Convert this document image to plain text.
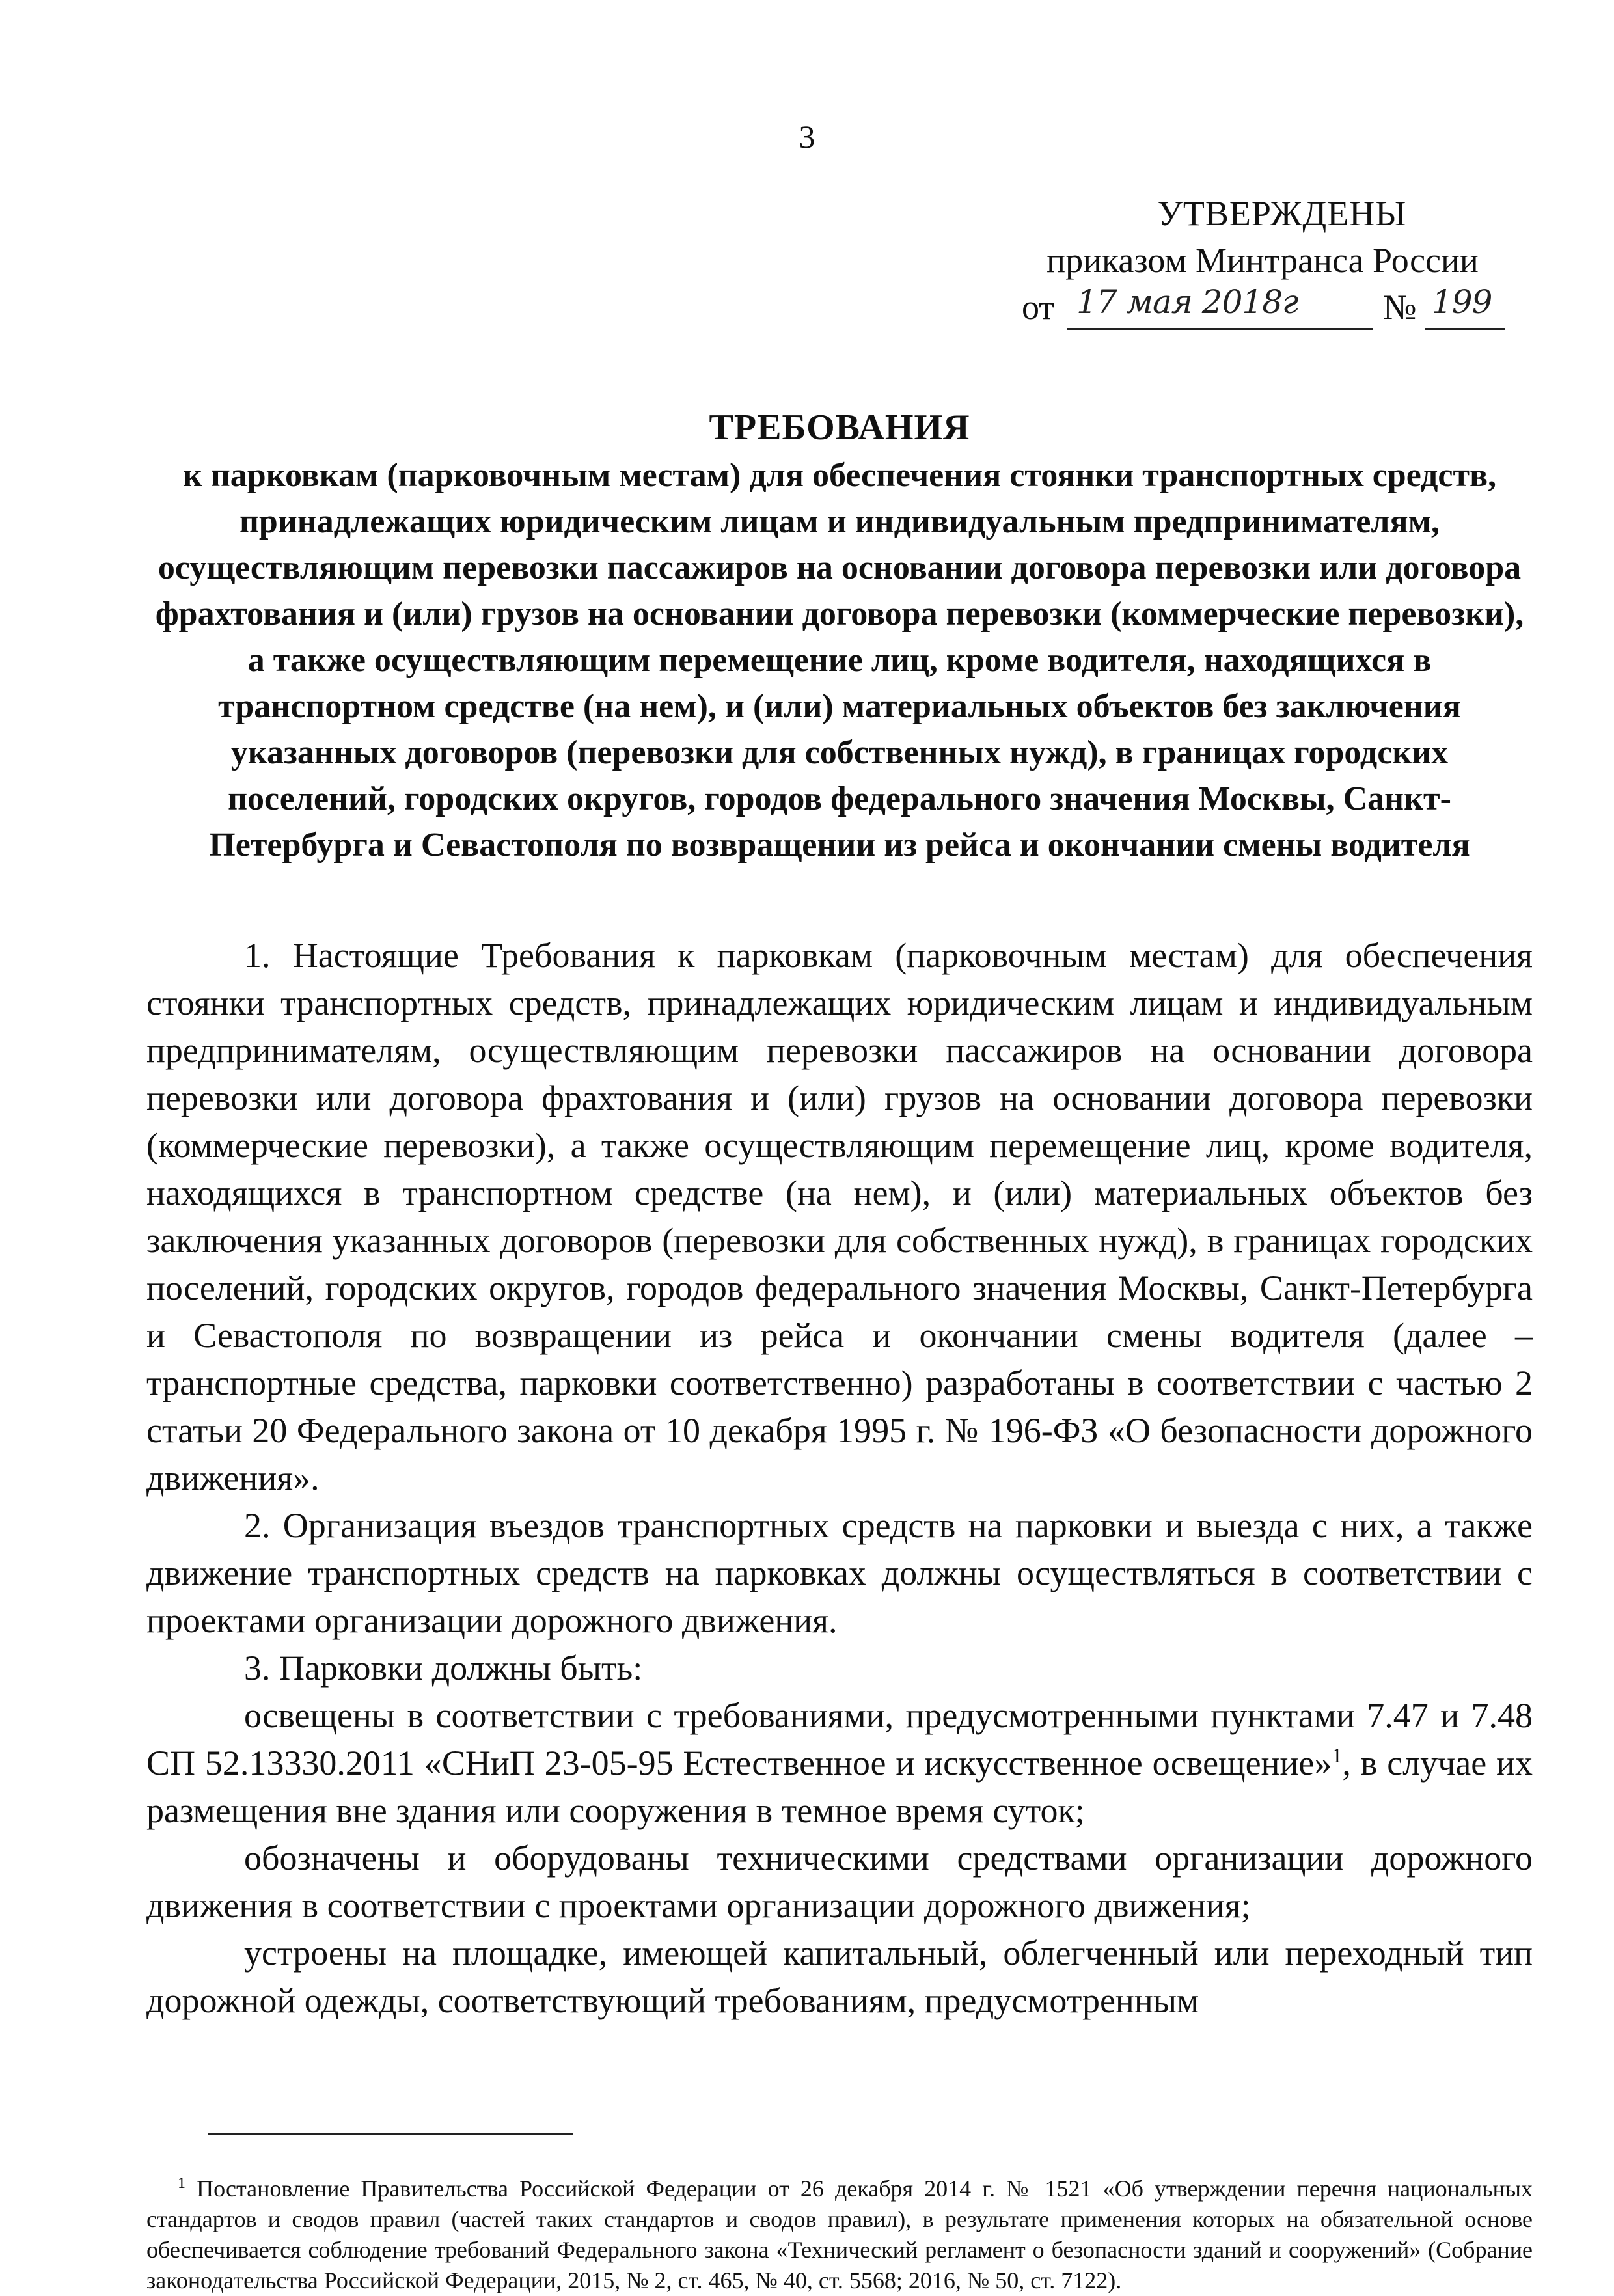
3
УТВЕРЖДЕНЫ
приказом Минтранса России
от 17 мая 2018г № 199
ТРЕБОВАНИЯ
к парковкам (парковочным местам) для обеспечения стоянки транспортных средств, принадлежащих юридическим лицам и индивидуальным предпринимателям, осуществляющим перевозки пассажиров на основании договора перевозки или договора фрахтования и (или) грузов на основании договора перевозки (коммерческие перевозки), а также осуществляющим перемещение лиц, кроме водителя, находящихся в транспортном средстве (на нем), и (или) материальных объектов без заключения указанных договоров (перевозки для собственных нужд), в границах городских поселений, городских округов, городов федерального значения Москвы, Санкт-Петербурга и Севастополя по возвращении из рейса и окончании смены водителя

1. Настоящие Требования к парковкам (парковочным местам) для обеспечения стоянки транспортных средств, принадлежащих юридическим лицам и индивидуальным предпринимателям, осуществляющим перевозки пассажиров на основании договора перевозки или договора фрахтования и (или) грузов на основании договора перевозки (коммерческие перевозки), а также осуществляющим перемещение лиц, кроме водителя, находящихся в транспортном средстве (на нем), и (или) материальных объектов без заключения указанных договоров (перевозки для собственных нужд), в границах городских поселений, городских округов, городов федерального значения Москвы, Санкт-Петербурга и Севастополя по возвращении из рейса и окончании смены водителя (далее – транспортные средства, парковки соответственно) разработаны в соответствии с частью 2 статьи 20 Федерального закона от 10 декабря 1995 г. № 196-ФЗ «О безопасности дорожного движения».

2. Организация въездов транспортных средств на парковки и выезда с них, а также движение транспортных средств на парковках должны осуществляться в соответствии с проектами организации дорожного движения.

3. Парковки должны быть:

освещены в соответствии с требованиями, предусмотренными пунктами 7.47 и 7.48 СП 52.13330.2011 «СНиП 23-05-95 Естественное и искусственное освещение»$^1$, в случае их размещения вне здания или сооружения в темное время суток;

обозначены и оборудованы техническими средствами организации дорожного движения в соответствии с проектами организации дорожного движения;

устроены на площадке, имеющей капитальный, облегченный или переходный тип дорожной одежды, соответствующий требованиям, предусмотренным

$^1$ Постановление Правительства Российской Федерации от 26 декабря 2014 г. № 1521 «Об утверждении перечня национальных стандартов и сводов правил (частей таких стандартов и сводов правил), в результате применения которых на обязательной основе обеспечивается соблюдение требований Федерального закона «Технический регламент о безопасности зданий и сооружений» (Собрание законодательства Российской Федерации, 2015, № 2, ст. 465, № 40, ст. 5568; 2016, № 50, ст. 7122).
